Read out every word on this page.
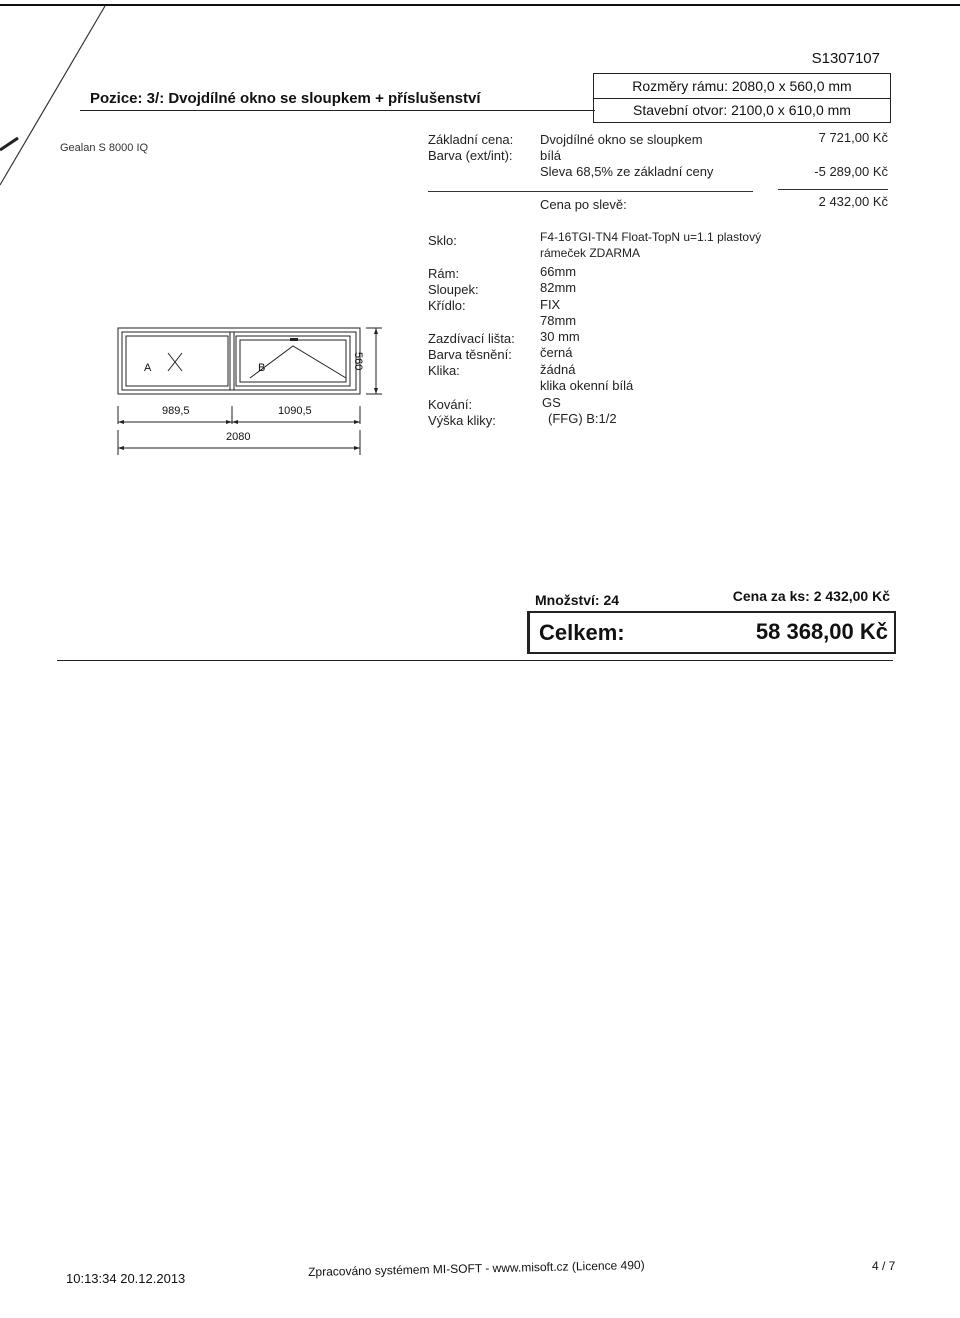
S1307107
Pozice: 3/: Dvojdílné okno se sloupkem + příslušenství
Rozměry rámu: 2080,0 x 560,0 mm
Stavební otvor: 2100,0 x 610,0 mm
Gealan S 8000 IQ
Základní cena: Dvojdílné okno se sloupkem	7 721,00 Kč
Barva (ext/int): bílá
Sleva 68,5% ze základní ceny	-5 289,00 Kč
Cena po slevě:	2 432,00 Kč
Sklo:	F4-16TGI-TN4 Float-TopN u=1.1 plastový
rámeček ZDARMA
Rám:	66mm
Sloupek:	82mm
Křídlo:	FIX
78mm
Zazdívací lišta: 30 mm
Barva těsnění: černá
Klika:	žádná
klika okenní bílá
Kování:	GS
Výška kliky:	(FFG) B:1/2
A	B
989,5	1090,5
2080
560
Množství: 24	Cena za ks: 2 432,00 Kč
Celkem:	58 368,00 Kč
10:13:34 20.12.2013	Zpracováno systémem MI-SOFT - www.misoft.cz (Licence 490)	4 / 7
